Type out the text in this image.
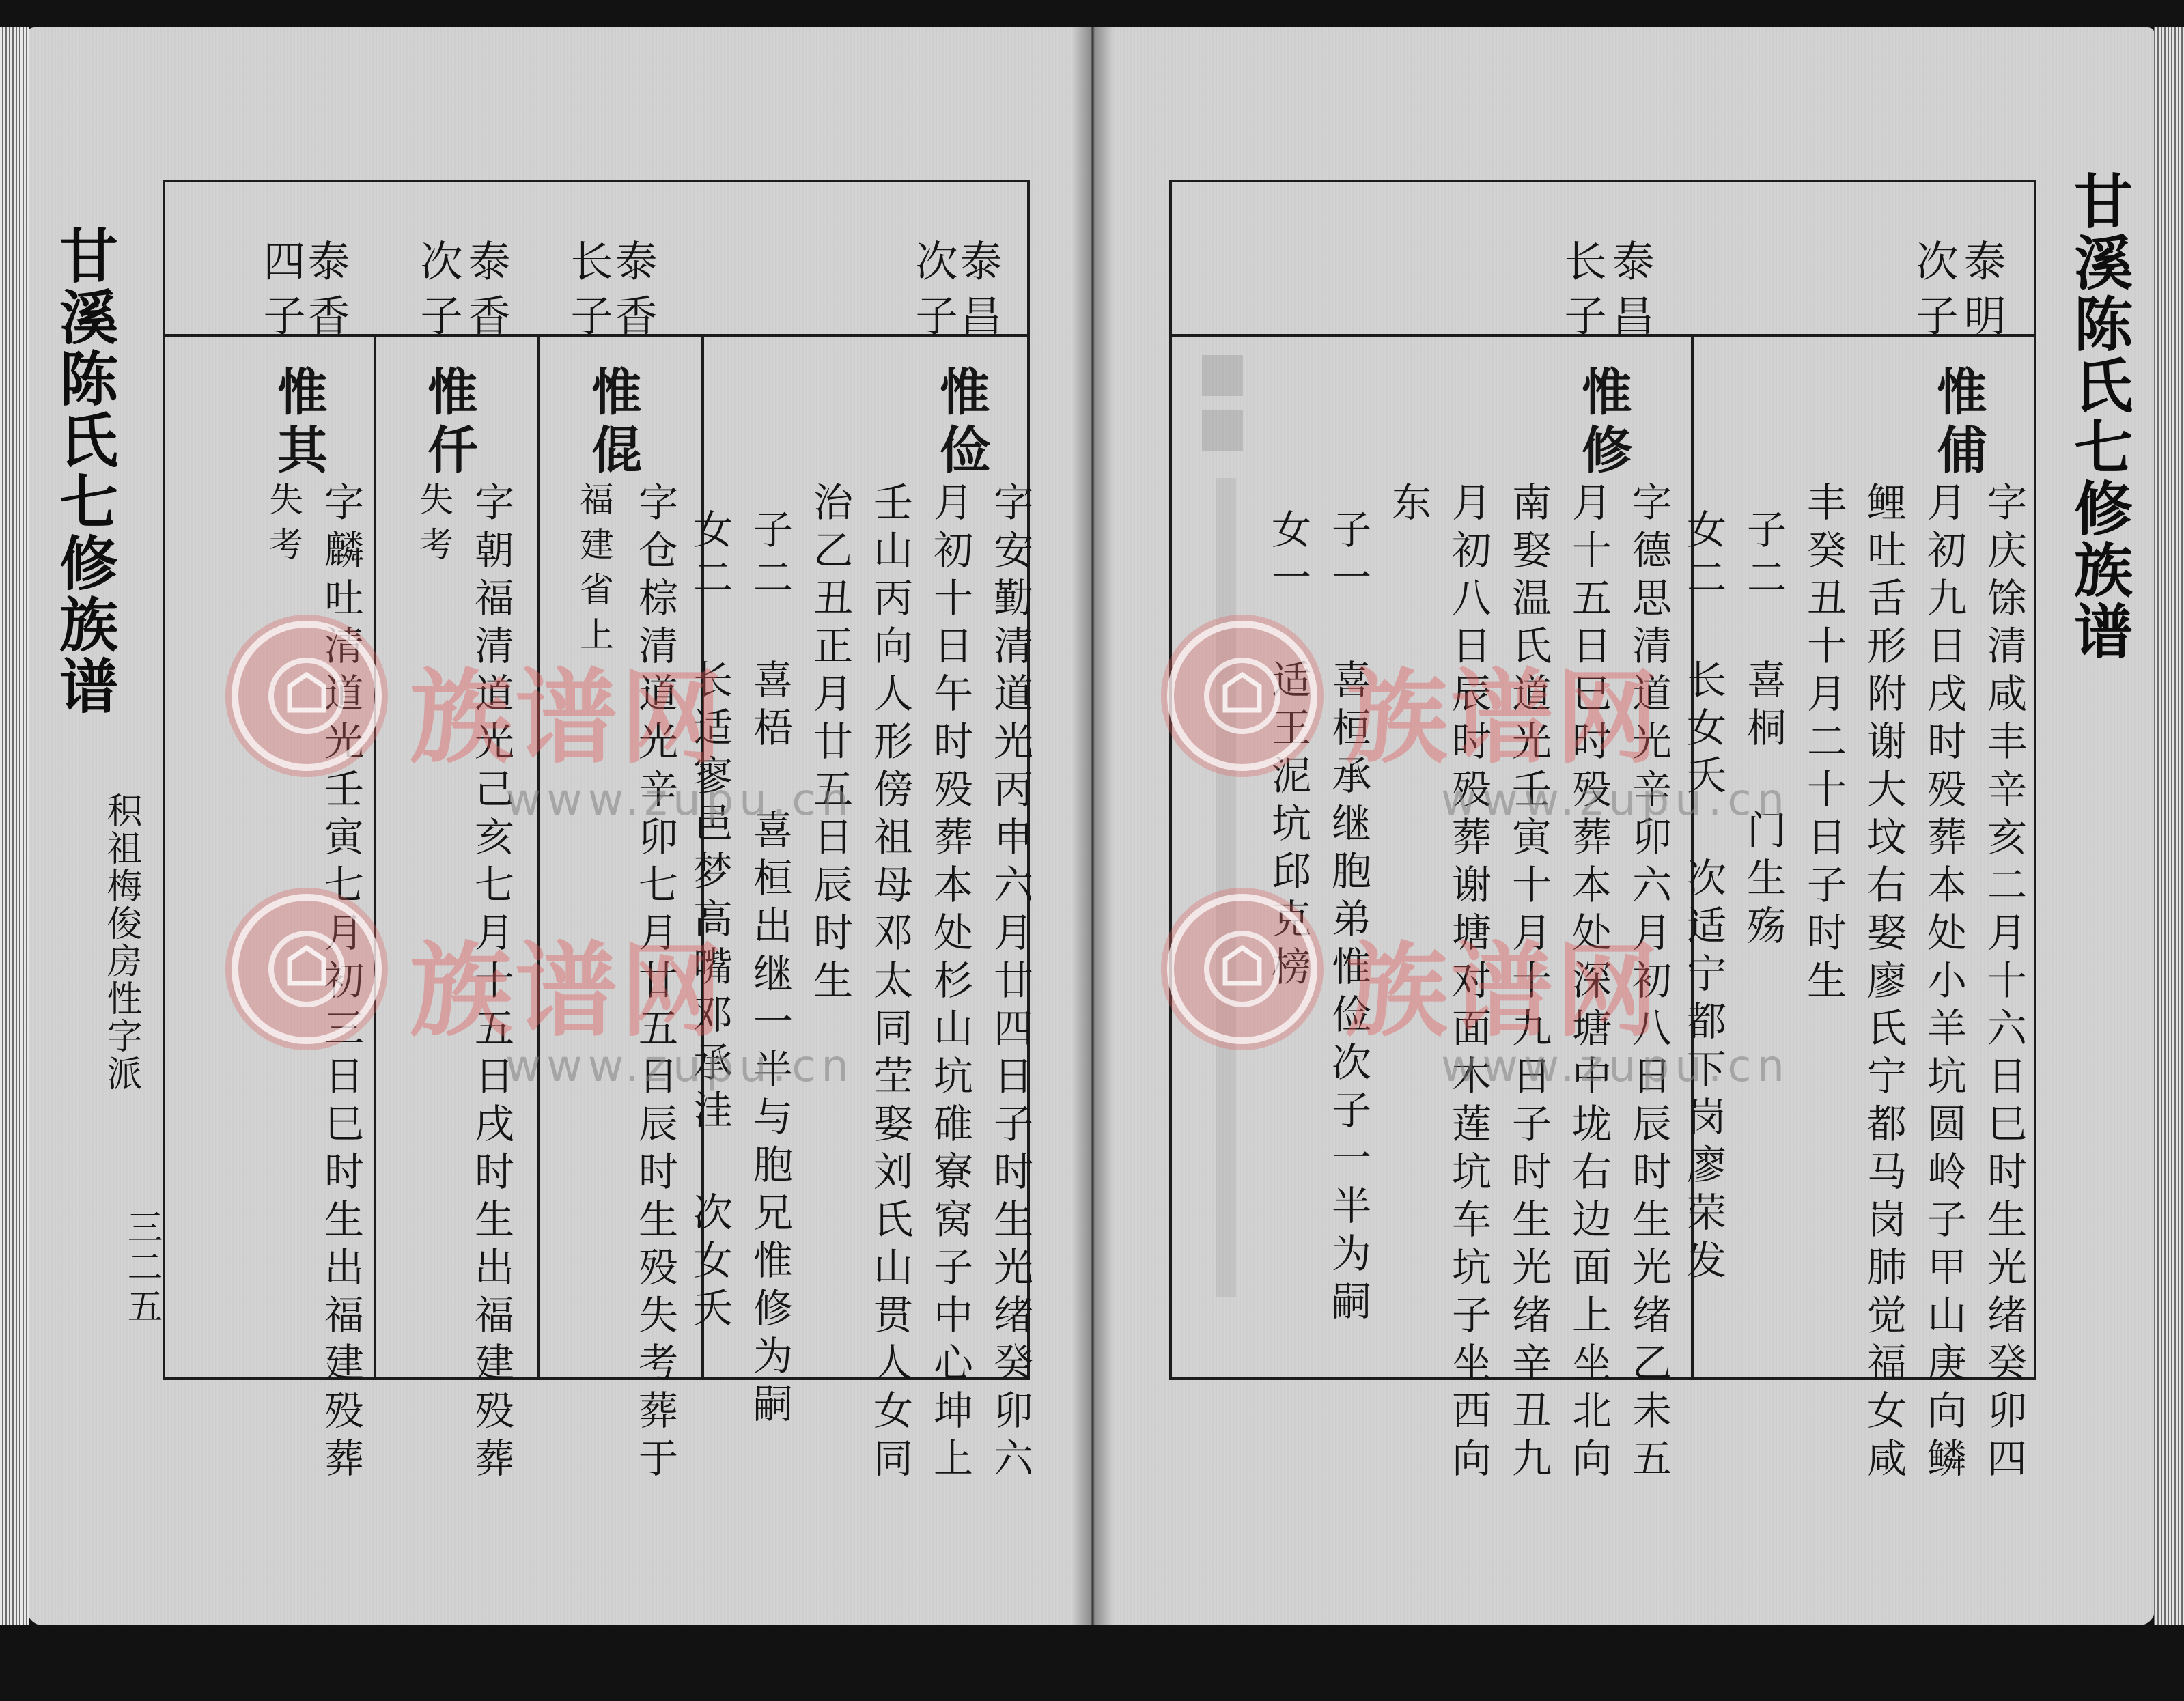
甘溪陈氏七修族谱
积祖梅俊房性字派
三二五
泰昌
次子
泰香
长子
泰香
次子
泰香
四子
惟
俭
字安勤清道光丙申六月廿四日子时生光绪癸卯六
月初十日午时殁葬本处杉山坑碓寮窝子中心坤上
壬山丙向人形傍祖母邓太同茔娶刘氏山贯人女同
治乙丑正月廿五日辰时生
子二 喜梧 喜桓出继一半与胞兄惟修为嗣
女二 长适寥邑梦高嘴邓承洼 次女夭
惟
倱
字仓棕清道光辛卯七月廿五日辰时生殁失考葬于
福建省上
惟
仟
字朝福清道光己亥七月十五日戌时生出福建殁葬
失考
惟
其
字麟吐清道光壬寅七月初三日巳时生出福建殁葬
失考	甘溪陈氏七修族谱
泰明
次子
泰昌
长子
惟
俌
字庆馀清咸丰辛亥二月十六日巳时生光绪癸卯四
月初九日戌时殁葬本处小羊坑圆岭子甲山庚向鳞
鲤吐舌形附谢大坟右娶廖氏宁都马岗肺觉福女咸
丰癸丑十月二十日子时生
子二 喜桐 门生殇
女二 长女夭 次适宁都下岗廖荣发
惟
修
字德思清道光辛卯六月初八日辰时生光绪乙未五
月十五日巳时殁葬本处深塘中垅右边面上坐北向
南娶温氏道光壬寅十月十九日子时生光绪辛丑九
月初八日辰时殁葬谢塘对面木莲坑车坑子坐西向
东
子一 喜桓承继胞弟惟俭次子一半为嗣
女一 适王泥坑邱克榜
族谱网
族谱网
族谱网
族谱网
www.zupu.cn
www.zupu.cn
www.zupu.cn
www.zupu.cn
